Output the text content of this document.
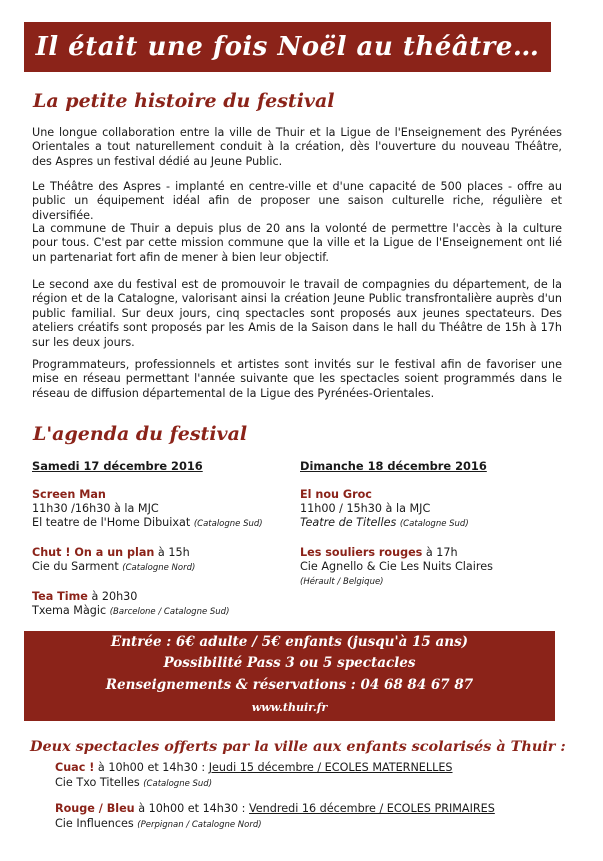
Il était une fois Noël au théâtre…
La petite histoire du festival

Une longue collaboration entre la ville de Thuir et la Ligue de l'Enseignement des Pyrénées Orientales a tout naturellement conduit à la création, dès l'ouverture du nouveau Théâtre, des Aspres un festival dédié au Jeune Public.

Le Théâtre des Aspres - implanté en centre-ville et d'une capacité de 500 places - offre au public un équipement idéal afin de proposer une saison culturelle riche, régulière et diversifiée.

La commune de Thuir a depuis plus de 20 ans la volonté de permettre l'accès à la culture pour tous. C'est par cette mission commune que la ville et la Ligue de l'Enseignement ont lié un partenariat fort afin de mener à bien leur objectif.

Le second axe du festival est de promouvoir le travail de compagnies du département, de la région et de la Catalogne, valorisant ainsi la création Jeune Public transfrontalière auprès d'un public familial. Sur deux jours, cinq spectacles sont proposés aux jeunes spectateurs. Des ateliers créatifs sont proposés par les Amis de la Saison dans le hall du Théâtre de 15h à 17h sur les deux jours.

Programmateurs, professionnels et artistes sont invités sur le festival afin de favoriser une mise en réseau permettant l'année suivante que les spectacles soient programmés dans le réseau de diffusion départemental de la Ligue des Pyrénées-Orientales.

L'agenda du festival
Samedi 17 décembre 2016
Screen Man
11h30 /16h30 à la MJC
El teatre de l'Home Dibuixat (Catalogne Sud)
Chut ! On a un plan à 15h
Cie du Sarment (Catalogne Nord)
Tea Time à 20h30
Txema Màgic (Barcelone / Catalogne Sud)
Dimanche 18 décembre 2016
El nou Groc
11h00 / 15h30 à la MJC
Teatre de Titelles (Catalogne Sud)
Les souliers rouges à 17h
Cie Agnello & Cie Les Nuits Claires
(Hérault / Belgique)
Entrée : 6€ adulte / 5€ enfants (jusqu'à 15 ans)
Possibilité Pass 3 ou 5 spectacles
Renseignements & réservations : 04 68 84 67 87
www.thuir.fr
Deux spectacles offerts par la ville aux enfants scolarisés à Thuir :
Cuac ! à 10h00 et 14h30 : Jeudi 15 décembre / ECOLES MATERNELLES
Cie Txo Titelles (Catalogne Sud)
Rouge / Bleu à 10h00 et 14h30 : Vendredi 16 décembre / ECOLES PRIMAIRES
Cie Influences (Perpignan / Catalogne Nord)
